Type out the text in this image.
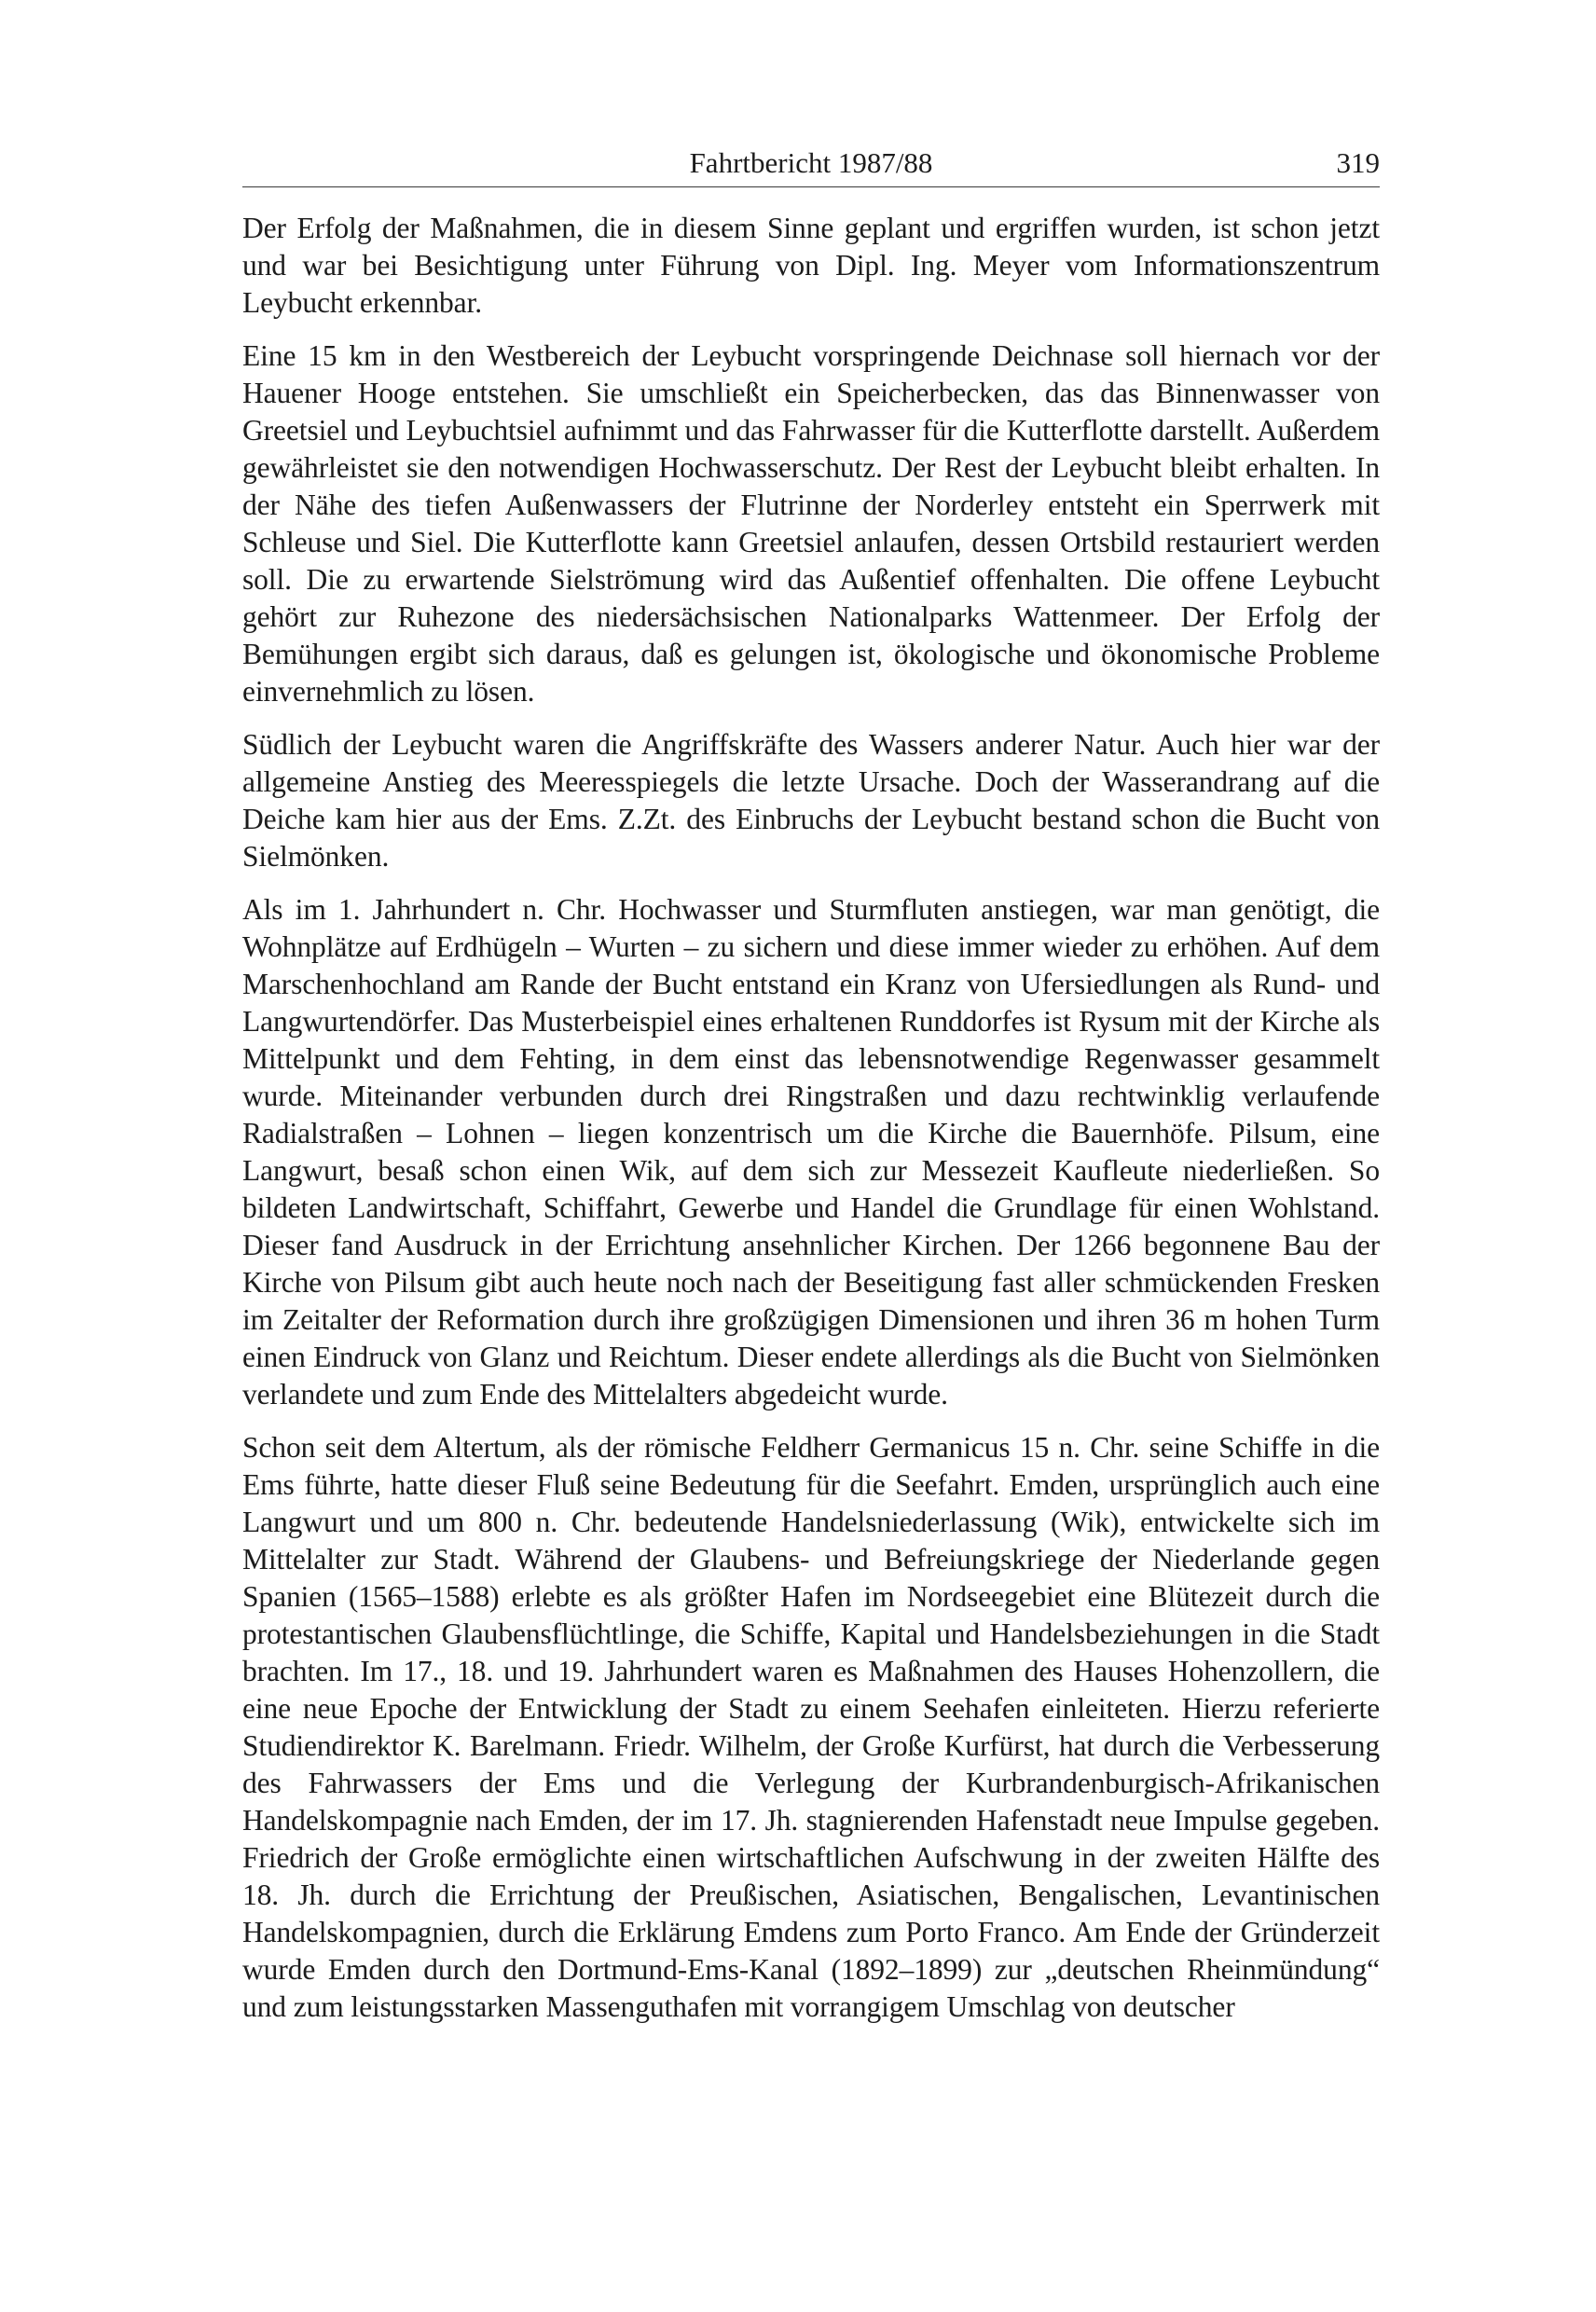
Fahrtbericht 1987/88	319

Der Erfolg der Maßnahmen, die in diesem Sinne geplant und ergriffen wurden, ist schon jetzt und war bei Besichtigung unter Führung von Dipl. Ing. Meyer vom Informationszentrum Leybucht erkennbar.

Eine 15 km in den Westbereich der Leybucht vorspringende Deichnase soll hiernach vor der Hauener Hooge entstehen. Sie umschließt ein Speicherbecken, das das Binnenwasser von Greetsiel und Leybuchtsiel aufnimmt und das Fahrwasser für die Kutterflotte darstellt. Außerdem gewährleistet sie den notwendigen Hochwasserschutz. Der Rest der Leybucht bleibt erhalten. In der Nähe des tiefen Außenwassers der Flutrinne der Norderley entsteht ein Sperrwerk mit Schleuse und Siel. Die Kutterflotte kann Greetsiel anlaufen, dessen Ortsbild restauriert werden soll. Die zu erwartende Sielströmung wird das Außentief offenhalten. Die offene Leybucht gehört zur Ruhezone des niedersächsischen Nationalparks Wattenmeer. Der Erfolg der Bemühungen ergibt sich daraus, daß es gelungen ist, ökologische und ökonomische Probleme einvernehmlich zu lösen.

Südlich der Leybucht waren die Angriffskräfte des Wassers anderer Natur. Auch hier war der allgemeine Anstieg des Meeresspiegels die letzte Ursache. Doch der Wasserandrang auf die Deiche kam hier aus der Ems. Z.Zt. des Einbruchs der Leybucht bestand schon die Bucht von Sielmönken.

Als im 1. Jahrhundert n. Chr. Hochwasser und Sturmfluten anstiegen, war man genötigt, die Wohnplätze auf Erdhügeln – Wurten – zu sichern und diese immer wieder zu erhöhen. Auf dem Marschenhochland am Rande der Bucht entstand ein Kranz von Ufersiedlungen als Rund- und Langwurtendörfer. Das Musterbeispiel eines erhaltenen Runddorfes ist Rysum mit der Kirche als Mittelpunkt und dem Fehting, in dem einst das lebensnotwendige Regenwasser gesammelt wurde. Miteinander verbunden durch drei Ringstraßen und dazu rechtwinklig verlaufende Radialstraßen – Lohnen – liegen konzentrisch um die Kirche die Bauernhöfe. Pilsum, eine Langwurt, besaß schon einen Wik, auf dem sich zur Messezeit Kaufleute niederließen. So bildeten Landwirtschaft, Schiffahrt, Gewerbe und Handel die Grundlage für einen Wohlstand. Dieser fand Ausdruck in der Errichtung ansehnlicher Kirchen. Der 1266 begonnene Bau der Kirche von Pilsum gibt auch heute noch nach der Beseitigung fast aller schmückenden Fresken im Zeitalter der Reformation durch ihre großzügigen Dimensionen und ihren 36 m hohen Turm einen Eindruck von Glanz und Reichtum. Dieser endete allerdings als die Bucht von Sielmönken verlandete und zum Ende des Mittelalters abgedeicht wurde.

Schon seit dem Altertum, als der römische Feldherr Germanicus 15 n. Chr. seine Schiffe in die Ems führte, hatte dieser Fluß seine Bedeutung für die Seefahrt. Emden, ursprünglich auch eine Langwurt und um 800 n. Chr. bedeutende Handelsniederlassung (Wik), entwickelte sich im Mittelalter zur Stadt. Während der Glaubens- und Befreiungskriege der Niederlande gegen Spanien (1565–1588) erlebte es als größter Hafen im Nordseegebiet eine Blütezeit durch die protestantischen Glaubensflüchtlinge, die Schiffe, Kapital und Handelsbeziehungen in die Stadt brachten. Im 17., 18. und 19. Jahrhundert waren es Maßnahmen des Hauses Hohenzollern, die eine neue Epoche der Entwicklung der Stadt zu einem Seehafen einleiteten. Hierzu referierte Studiendirektor K. Barelmann. Friedr. Wilhelm, der Große Kurfürst, hat durch die Verbesserung des Fahrwassers der Ems und die Verlegung der Kurbrandenburgisch-Afrikanischen Handelskompagnie nach Emden, der im 17. Jh. stagnierenden Hafenstadt neue Impulse gegeben. Friedrich der Große ermöglichte einen wirtschaftlichen Aufschwung in der zweiten Hälfte des 18. Jh. durch die Errichtung der Preußischen, Asiatischen, Bengalischen, Levantinischen Handelskompagnien, durch die Erklärung Emdens zum Porto Franco. Am Ende der Gründerzeit wurde Emden durch den Dortmund-Ems-Kanal (1892–1899) zur „deutschen Rheinmündung“ und zum leistungsstarken Massenguthafen mit vorrangigem Umschlag von deutscher
